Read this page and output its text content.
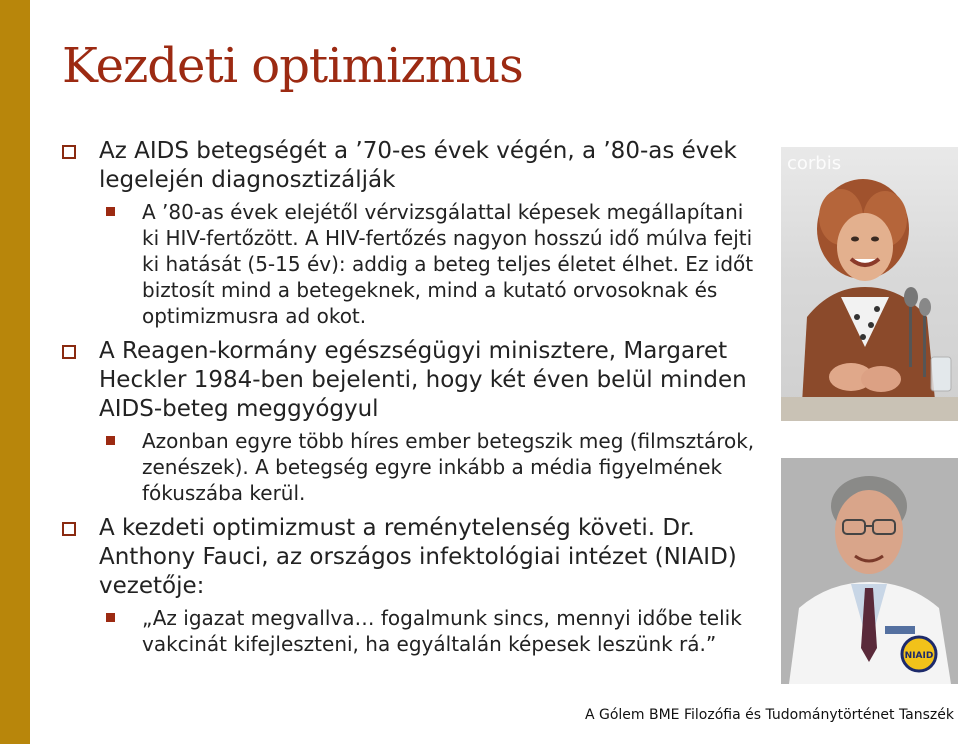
Kezdeti optimizmus
Az AIDS betegségét a ’70-es évek végén, a ’80-as évek legelején diagnosztizálják
A ’80-as évek elejétől vérvizsgálattal képesek megállapítani ki HIV-fertőzött. A HIV-fertőzés nagyon hosszú idő múlva fejti ki hatását (5-15 év): addig a beteg teljes életet élhet. Ez időt biztosít mind a betegeknek, mind a kutató orvosoknak és optimizmusra ad okot.
A Reagen-kormány egészségügyi minisztere, Margaret Heckler 1984-ben bejelenti, hogy két éven belül minden AIDS-beteg meggyógyul
Azonban egyre több híres ember betegszik meg (filmsztárok, zenészek). A betegség egyre inkább a média figyelmének fókuszába kerül.
A kezdeti optimizmust a reménytelenség követi. Dr. Anthony Fauci, az országos infektológiai intézet (NIAID) vezetője:
„Az igazat megvallva… fogalmunk sincs, mennyi időbe telik vakcinát kifejleszteni, ha egyáltalán képesek leszünk rá.”
corbis
NIAID
A Gólem BME Filozófia és Tudománytörténet Tanszék
